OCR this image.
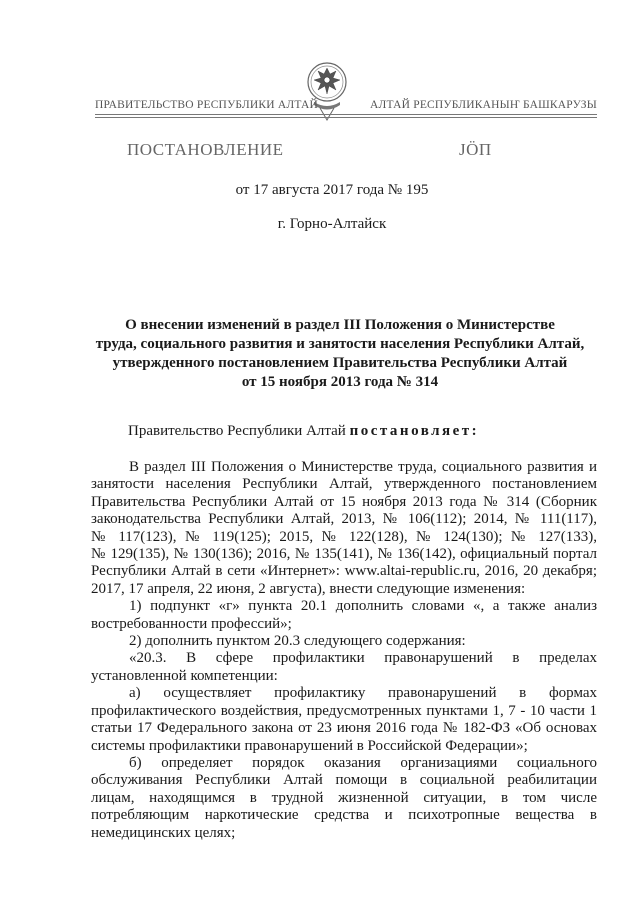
ПРАВИТЕЛЬСТВО РЕСПУБЛИКИ АЛТАЙ	АЛТАЙ РЕСПУБЛИКАНЫҤ БАШКАРУЗЫ
ПОСТАНОВЛЕНИЕ	ЈӦП
от 17 августа 2017 года № 195
г. Горно-Алтайск
О внесении изменений в раздел III Положения о Министерстве
труда, социального развития и занятости населения Республики Алтай,
утвержденного постановлением Правительства Республики Алтай
от 15 ноября 2013 года № 314
Правительство Республики Алтай постановляет:
В раздел III Положения о Министерстве труда, социального развития и
занятости населения Республики Алтай, утвержденного постановлением
Правительства Республики Алтай от 15 ноября 2013 года № 314 (Сборник
законодательства Республики Алтай, 2013, № 106(112); 2014, № 111(117),
№ 117(123), № 119(125); 2015, № 122(128), № 124(130); № 127(133),
№ 129(135), № 130(136); 2016, № 135(141), № 136(142), официальный портал
Республики Алтай в сети «Интернет»: www.altai-republic.ru, 2016, 20 декабря;
2017, 17 апреля, 22 июня, 2 августа), внести следующие изменения:
1) подпункт «г» пункта 20.1 дополнить словами «, а также анализ
востребованности профессий»;
2) дополнить пунктом 20.3 следующего содержания:
«20.3. В сфере профилактики правонарушений в пределах
установленной компетенции:
а) осуществляет профилактику правонарушений в формах
профилактического воздействия, предусмотренных пунктами 1, 7 - 10 части 1
статьи 17 Федерального закона от 23 июня 2016 года № 182-ФЗ «Об основах
системы профилактики правонарушений в Российской Федерации»;
б) определяет порядок оказания организациями социального
обслуживания Республики Алтай помощи в социальной реабилитации
лицам, находящимся в трудной жизненной ситуации, в том числе
потребляющим наркотические средства и психотропные вещества в
немедицинских целях;
